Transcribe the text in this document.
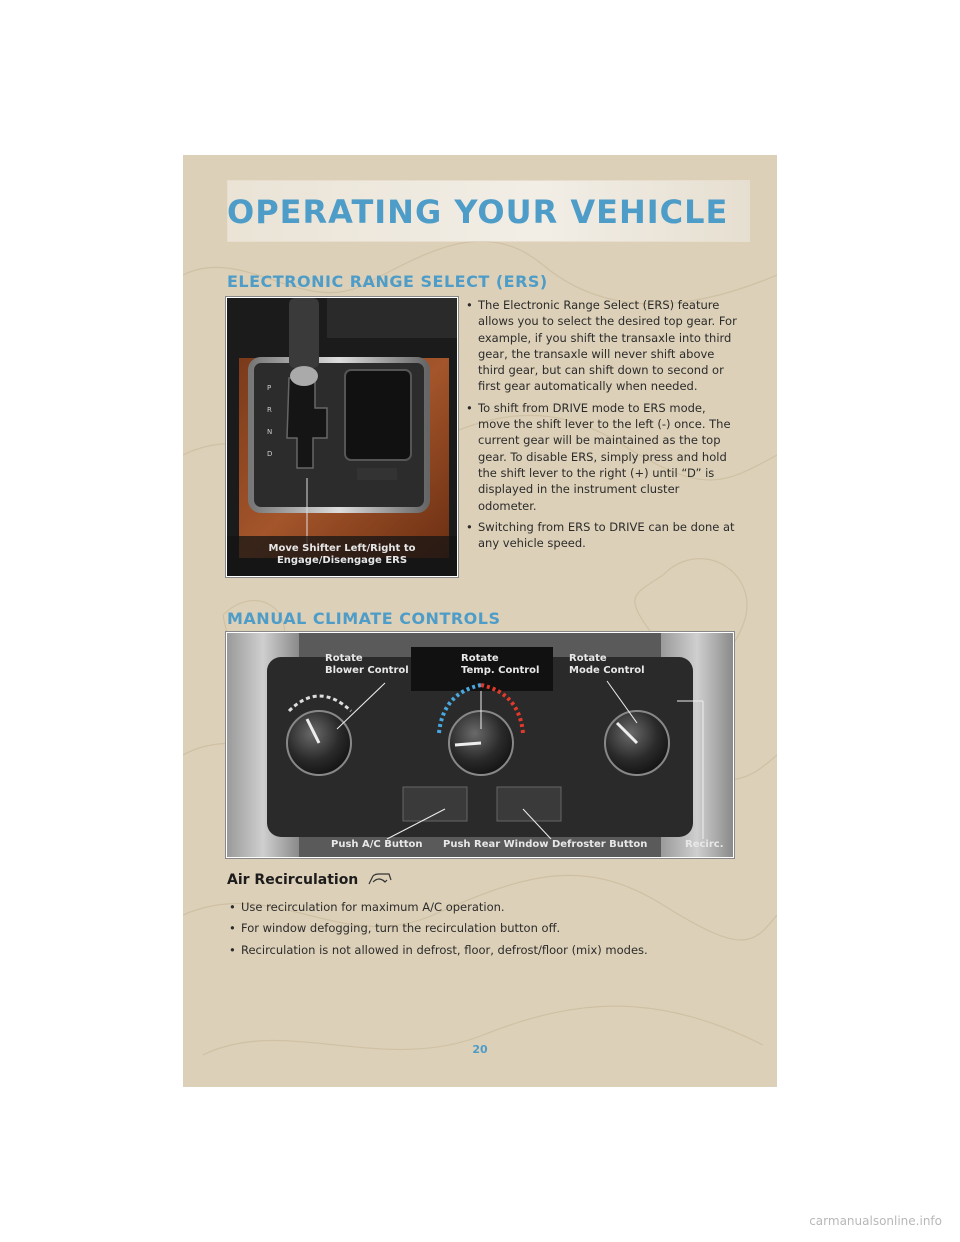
OPERATING YOUR VEHICLE
ELECTRONIC RANGE SELECT (ERS)
P
R
N
D
Move Shifter Left/Right to
Engage/Disengage ERS
• The Electronic Range Select (ERS) feature allows you to select the desired top gear. For example, if you shift the transaxle into third gear, the transaxle will never shift above third gear, but can shift down to second or first gear automatically when needed.
• To shift from DRIVE mode to ERS mode, move the shift lever to the left (-) once. The current gear will be maintained as the top gear. To disable ERS, simply press and hold the shift lever to the right (+) until “D” is displayed in the instrument cluster odometer.
• Switching from ERS to DRIVE can be done at any vehicle speed.
MANUAL CLIMATE CONTROLS
Rotate
Blower Control
Rotate
Temp. Control
Rotate
Mode Control
Push A/C Button Push Rear Window Defroster Button	Recirc.
Air Recirculation
• Use recirculation for maximum A/C operation.
• For window defogging, turn the recirculation button off.
• Recirculation is not allowed in defrost, floor, defrost/floor (mix) modes.
20
carmanualsonline.info
